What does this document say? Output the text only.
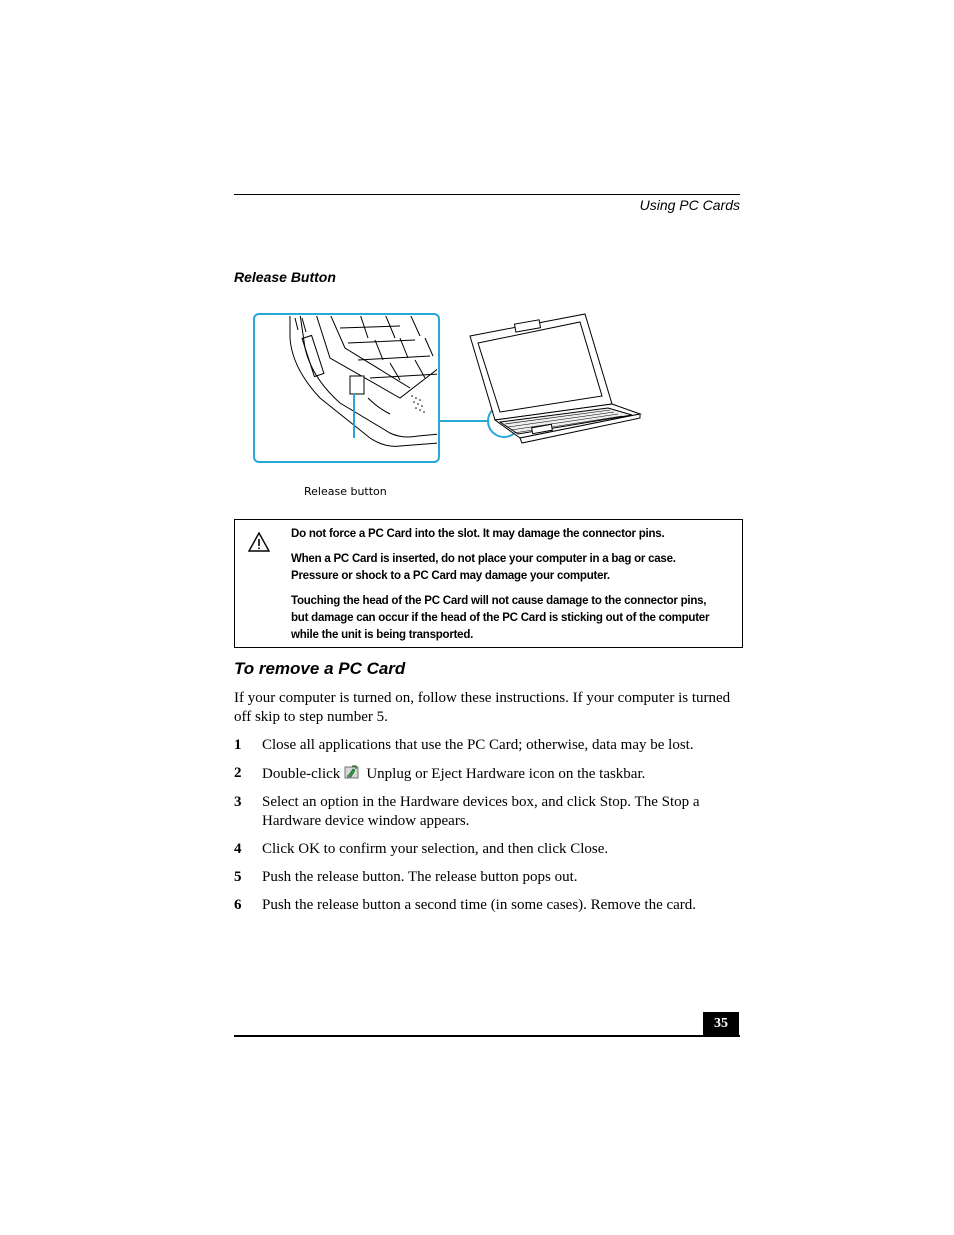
Using PC Cards
Release Button
Release button

Do not force a PC Card into the slot. It may damage the connector pins.

When a PC Card is inserted, do not place your computer in a bag or case. Pressure or shock to a PC Card may damage your computer.

Touching the head of the PC Card will not cause damage to the connector pins, but damage can occur if the head of the PC Card is sticking out of the computer while the unit is being transported.

To remove a PC Card
If your computer is turned on, follow these instructions. If your computer is turned off skip to step number 5.
1 Close all applications that use the PC Card; otherwise, data may be lost.
2 Double-click Unplug or Eject Hardware icon on the taskbar.
3 Select an option in the Hardware devices box, and click Stop. The Stop a Hardware device window appears.
4 Click OK to confirm your selection, and then click Close.
5 Push the release button. The release button pops out.
6 Push the release button a second time (in some cases). Remove the card.
35
